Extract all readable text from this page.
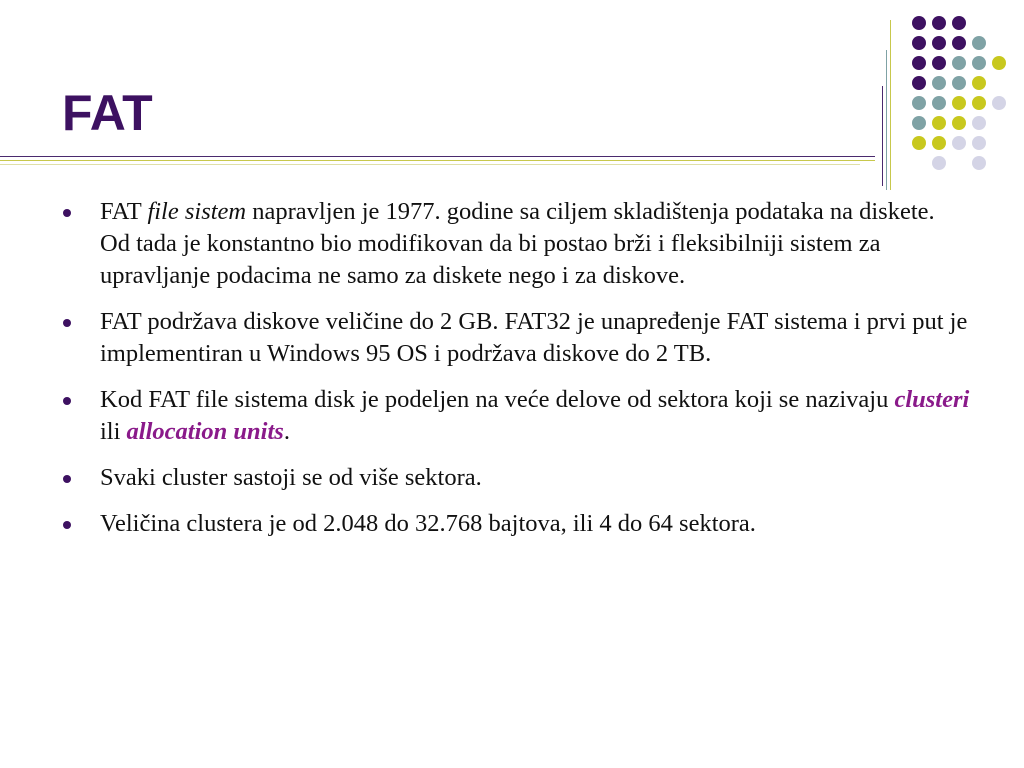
FAT
FAT file sistem napravljen je 1977. godine sa ciljem skladištenja podataka na diskete. Od tada je konstantno bio modifikovan da bi postao brži i fleksibilniji sistem za upravljanje podacima ne samo za diskete nego i za diskove.
FAT podržava diskove veličine do 2 GB. FAT32 je unapređenje FAT sistema i prvi put je implementiran u Windows 95 OS i podržava diskove do 2 TB.
Kod FAT file sistema disk je podeljen na veće delove od sektora koji se nazivaju clusteri ili allocation units.
Svaki cluster sastoji se od više sektora.
Veličina clustera je od 2.048 do 32.768 bajtova, ili 4 do 64 sektora.
